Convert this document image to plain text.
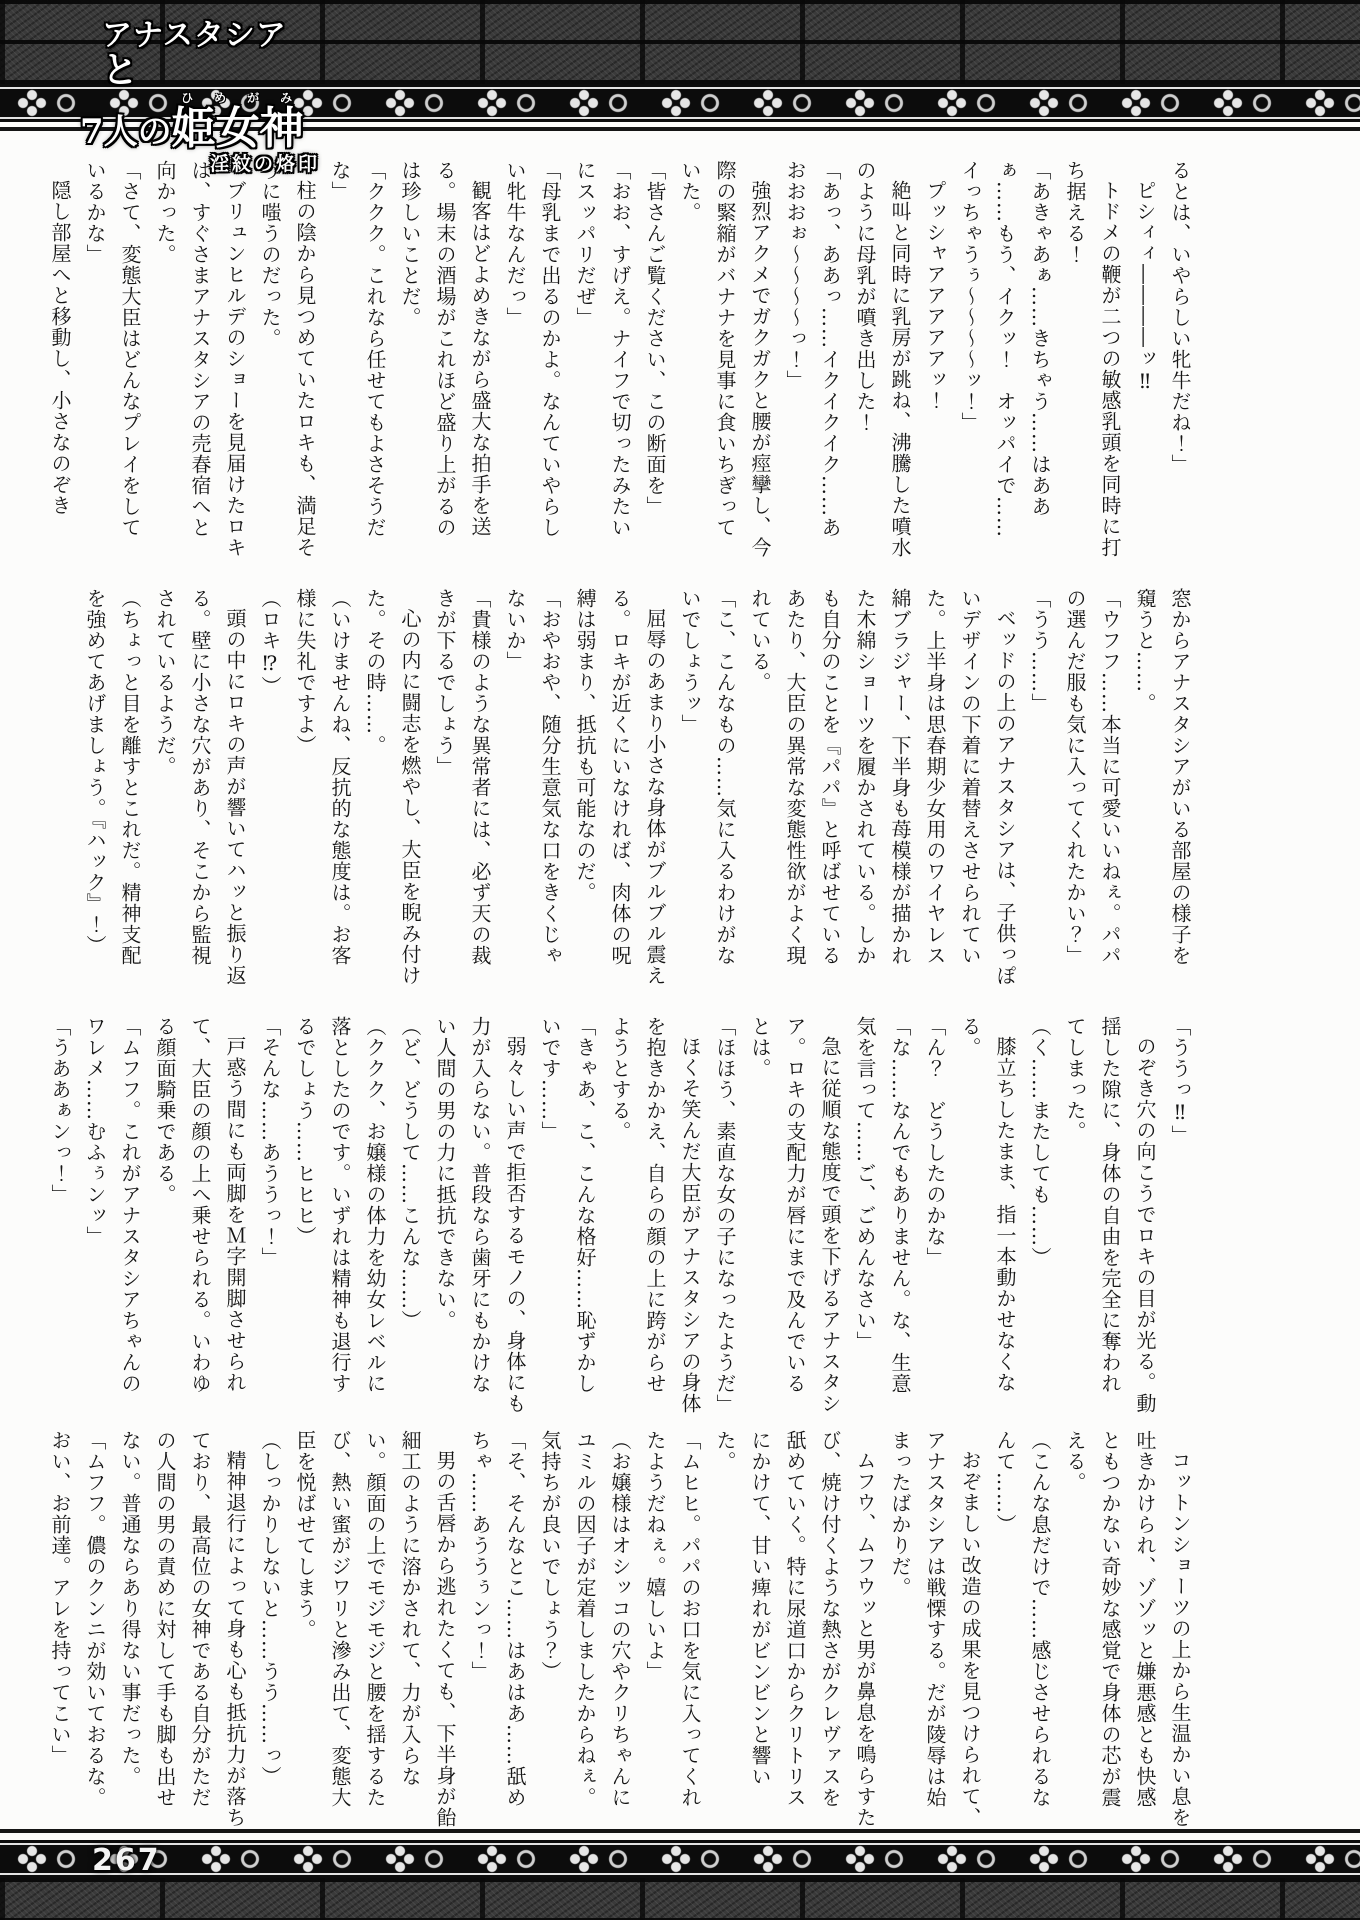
アナスタシアと
7人の姫女神ひめがみ
淫紋の烙印	るとは、いやらしい牝牛だね！」

ピシィィ――――ッ‼

トドメの鞭が二つの敏感乳頭を同時に打ち据える！

「あきゃあぁ……きちゃう……はああぁ……もう、イクッ！　オッパイで……イっちゃうぅ～～～～ッ！」

プッシャアアアアアッ！

絶叫と同時に乳房が跳ね、沸騰した噴水のように母乳が噴き出した！

「あっ、ああっ……イクイクイク……あおおおぉ～～～～っ！」

強烈アクメでガクガクと腰が痙攣し、今際の緊縮がバナナを見事に食いちぎっていた。

「皆さんご覧ください、この断面を」

「おお、すげえ。ナイフで切ったみたいにスッパリだぜ」

「母乳まで出るのかよ。なんていやらしい牝牛なんだっ」

観客はどよめきながら盛大な拍手を送る。場末の酒場がこれほど盛り上がるのは珍しいことだ。

「ククク。これなら任せてもよさそうだな」

柱の陰から見つめていたロキも、満足そうに嗤うのだった。

ブリュンヒルデのショーを見届けたロキは、すぐさまアナスタシアの売春宿へと向かった。

「さて、変態大臣はどんなプレイをしているかな」

隠し部屋へと移動し、小さなのぞき

窓からアナスタシアがいる部屋の様子を窺うと……。

「ウフフ……本当に可愛いいねぇ。パパの選んだ服も気に入ってくれたかい？」

「うう……」

ベッドの上のアナスタシアは、子供っぽいデザインの下着に着替えさせられていた。上半身は思春期少女用のワイヤレス綿ブラジャー、下半身も苺模様が描かれた木綿ショーツを履かされている。しかも自分のことを『パパ』と呼ばせているあたり、大臣の異常な変態性欲がよく現れている。

「こ、こんなもの……気に入るわけがないでしょうッ」

屈辱のあまり小さな身体がブルブル震える。ロキが近くにいなければ、肉体の呪縛は弱まり、抵抗も可能なのだ。

「おやおや、随分生意気な口をきくじゃないか」

「貴様のような異常者には、必ず天の裁きが下るでしょう」

心の内に闘志を燃やし、大臣を睨み付けた。その時……。

（いけませんね、反抗的な態度は。お客様に失礼ですよ）

（ロキ⁉）

頭の中にロキの声が響いてハッと振り返る。壁に小さな穴があり、そこから監視されているようだ。

（ちょっと目を離すとこれだ。精神支配を強めてあげましょう。『ハック』！）

「ううっ‼」

のぞき穴の向こうでロキの目が光る。動揺した隙に、身体の自由を完全に奪われてしまった。

（く……またしても……）

膝立ちしたまま、指一本動かせなくなる。

「ん？　どうしたのかな」

「な……なんでもありません。な、生意気を言って……ご、ごめんなさい」

急に従順な態度で頭を下げるアナスタシア。ロキの支配力が唇にまで及んでいるとは。

「ほほう、素直な女の子になったようだ」

ほくそ笑んだ大臣がアナスタシアの身体を抱きかかえ、自らの顔の上に跨がらせようとする。

「きゃあ、こ、こんな格好……恥ずかしいです……」

弱々しい声で拒否するモノの、身体にも力が入らない。普段なら歯牙にもかけない人間の男の力に抵抗できない。

（ど、どうして……こんな……）

（ククク、お嬢様の体力を幼女レベルに落としたのです。いずれは精神も退行するでしょう……ヒヒヒ）

「そんな……あううっ！」

戸惑う間にも両脚をＭ字開脚させられて、大臣の顔の上へ乗せられる。いわゆる顔面騎乗である。

「ムフフ。これがアナスタシアちゃんのワレメ……むふぅンッ」

「うああぁンっ！」

コットンショーツの上から生温かい息を吐きかけられ、ゾゾッと嫌悪感とも快感ともつかない奇妙な感覚で身体の芯が震える。

（こんな息だけで……感じさせられるなんて……）

おぞましい改造の成果を見つけられて、アナスタシアは戦慄する。だが陵辱は始まったばかりだ。

ムフウ、ムフウッと男が鼻息を鳴らすたび、焼け付くような熱さがクレヴァスを舐めていく。特に尿道口からクリトリスにかけて、甘い痺れがビンビンと響いた。

「ムヒヒ。パパのお口を気に入ってくれたようだねぇ。嬉しいよ」

（お嬢様はオシッコの穴やクリちゃんにユミルの因子が定着しましたからねぇ。気持ちが良いでしょう？）

「そ、そんなとこ……はあはあ……舐めちゃ……あううぅンっ！」

男の舌唇から逃れたくても、下半身が飴細工のように溶かされて、力が入らない。顔面の上でモジモジと腰を揺するたび、熱い蜜がジワリと滲み出て、変態大臣を悦ばせてしまう。

（しっかりしないと……うう……っ）

精神退行によって身も心も抵抗力が落ちており、最高位の女神である自分がただの人間の男の責めに対して手も脚も出せない。普通ならあり得ない事だった。

「ムフフ。儂のクンニが効いておるな。おい、お前達。アレを持ってこい」

267
